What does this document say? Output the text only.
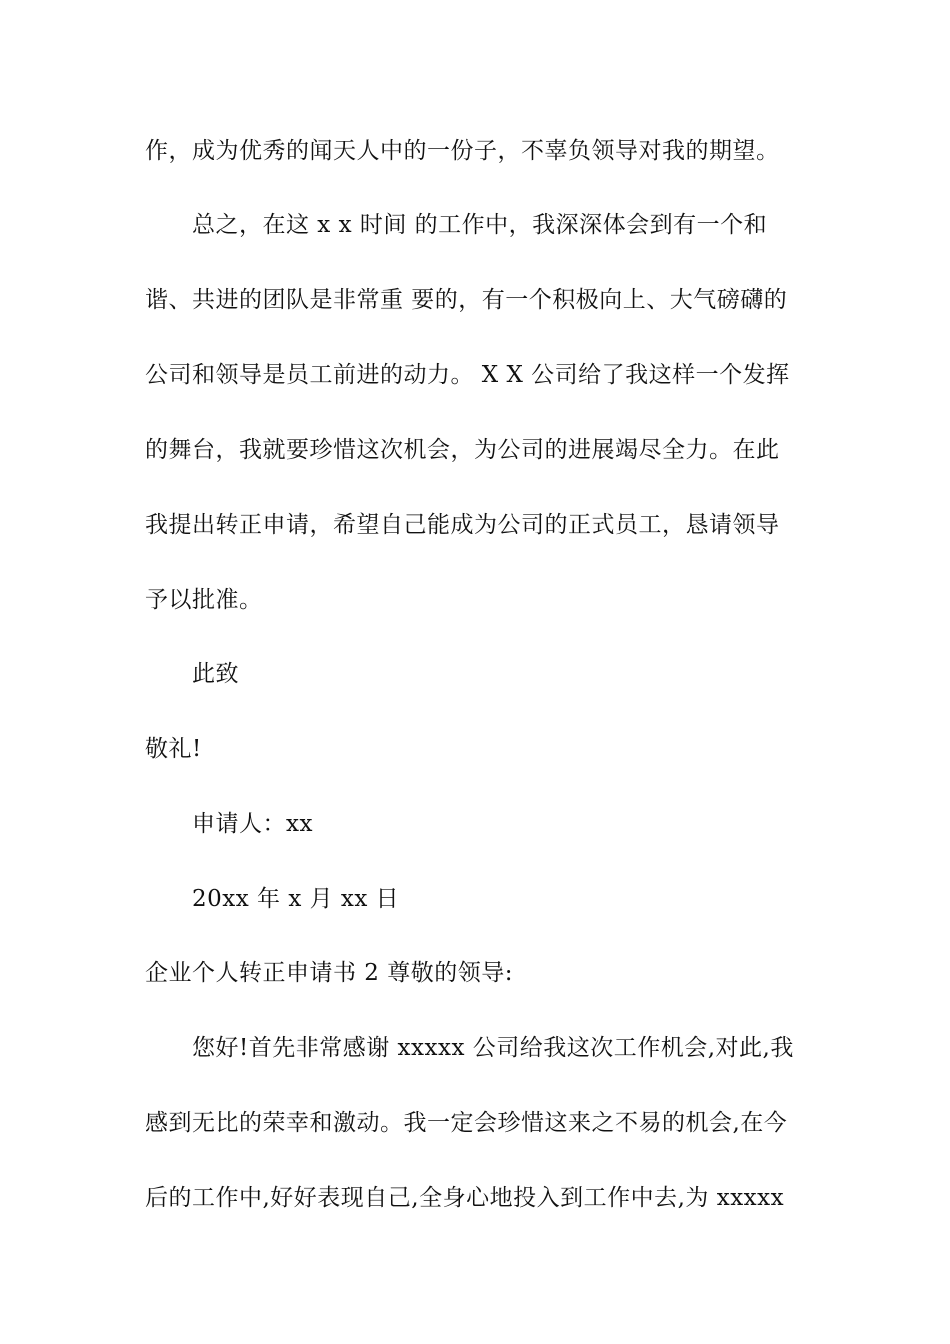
作，成为优秀的闻天人中的一份子，不辜负领导对我的期望。
总之，在这 x x 时间 的工作中，我深深体会到有一个和
谐、共进的团队是非常重 要的，有一个积极向上、大气磅礴的
公司和领导是员工前进的动力。 X X 公司给了我这样一个发挥
的舞台，我就要珍惜这次机会，为公司的进展竭尽全力。在此
我提出转正申请，希望自己能成为公司的正式员工，恳请领导
予以批准。
此致
敬礼!
申请人：xx
20xx 年 x 月 xx 日
企业个人转正申请书 2 尊敬的领导:
您好!首先非常感谢 xxxxx 公司给我这次工作机会,对此,我
感到无比的荣幸和激动。我一定会珍惜这来之不易的机会,在今
后的工作中,好好表现自己,全身心地投入到工作中去,为 xxxxx
